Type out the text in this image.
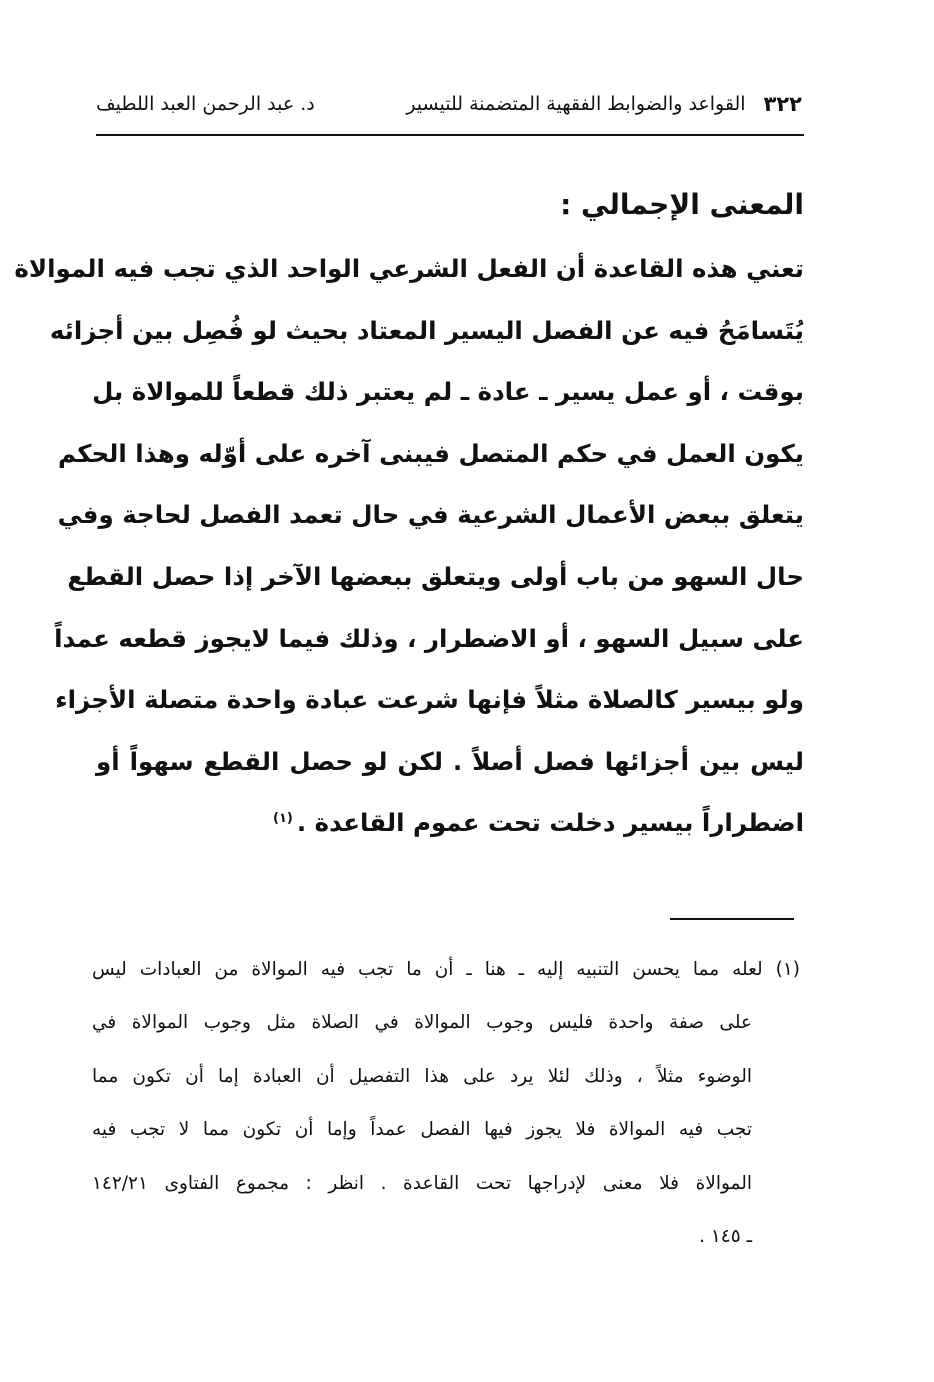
٣٢٢
القواعد والضوابط الفقهية المتضمنة للتيسير
د. عبد الرحمن العبد اللطيف
المعنى الإجمالي :
تعني هذه القاعدة أن الفعل الشرعي الواحد الذي تجب فيه الموالاة
يُتَسامَحُ فيه عن الفصل اليسير المعتاد بحيث لو فُصِل بين أجزائه
بوقت ، أو عمل يسير ـ عادة ـ لم يعتبر ذلك قطعاً للموالاة بل
يكون العمل في حكم المتصل فيبنى آخره على أوّله وهذا الحكم
يتعلق ببعض الأعمال الشرعية في حال تعمد الفصل لحاجة وفي
حال السهو من باب أولى ويتعلق ببعضها الآخر إذا حصل القطع
على سبيل السهو ، أو الاضطرار ، وذلك فيما لايجوز قطعه عمداً
ولو بيسير كالصلاة مثلاً فإنها شرعت عبادة واحدة متصلة الأجزاء
ليس بين أجزائها فصل أصلاً . لكن لو حصل القطع سهواً أو
اضطراراً بيسير دخلت تحت عموم القاعدة .$^{(١)}$
(١) لعله مما يحسن التنبيه إليه ـ هنا ـ أن ما تجب فيه الموالاة من العبادات ليس
على صفة واحدة فليس وجوب الموالاة في الصلاة مثل وجوب الموالاة في
الوضوء مثلاً ، وذلك لئلا يرد على هذا التفصيل أن العبادة إما أن تكون مما
تجب فيه الموالاة فلا يجوز فيها الفصل عمداً وإما أن تكون مما لا تجب فيه
الموالاة فلا معنى لإدراجها تحت القاعدة . انظر : مجموع الفتاوى ١٤٢/٢١
ـ ١٤٥ .
